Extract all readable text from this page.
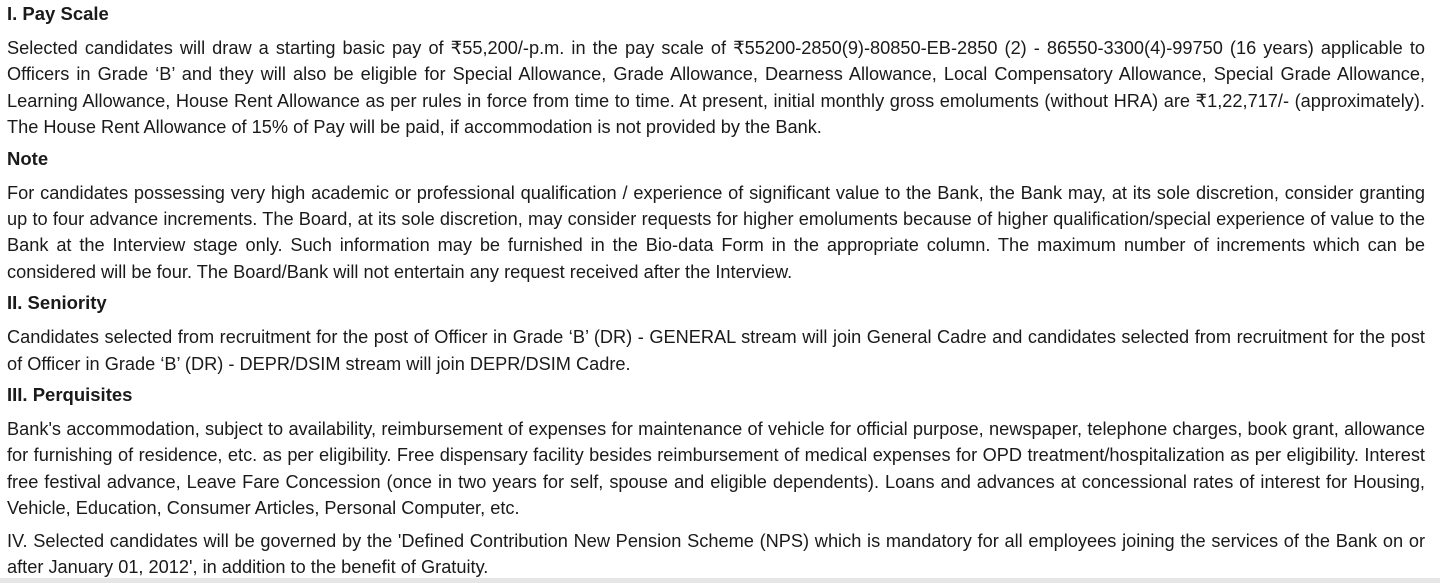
I. Pay Scale

Selected candidates will draw a starting basic pay of ₹55,200/-p.m. in the pay scale of ₹55200-2850(9)-80850-EB-2850 (2) - 86550-3300(4)-99750 (16 years) applicable to Officers in Grade ‘B’ and they will also be eligible for Special Allowance, Grade Allowance, Dearness Allowance, Local Compensatory Allowance, Special Grade Allowance, Learning Allowance, House Rent Allowance as per rules in force from time to time. At present, initial monthly gross emoluments (without HRA) are ₹1,22,717/- (approximately). The House Rent Allowance of 15% of Pay will be paid, if accommodation is not provided by the Bank.

Note

For candidates possessing very high academic or professional qualification / experience of significant value to the Bank, the Bank may, at its sole discretion, consider granting up to four advance increments. The Board, at its sole discretion, may consider requests for higher emoluments because of higher qualification/special experience of value to the Bank at the Interview stage only. Such information may be furnished in the Bio-data Form in the appropriate column. The maximum number of increments which can be considered will be four. The Board/Bank will not entertain any request received after the Interview.

II. Seniority

Candidates selected from recruitment for the post of Officer in Grade ‘B’ (DR) - GENERAL stream will join General Cadre and candidates selected from recruitment for the post of Officer in Grade ‘B’ (DR) - DEPR/DSIM stream will join DEPR/DSIM Cadre.

III. Perquisites

Bank's accommodation, subject to availability, reimbursement of expenses for maintenance of vehicle for official purpose, newspaper, telephone charges, book grant, allowance for furnishing of residence, etc. as per eligibility. Free dispensary facility besides reimbursement of medical expenses for OPD treatment/hospitalization as per eligibility. Interest free festival advance, Leave Fare Concession (once in two years for self, spouse and eligible dependents). Loans and advances at concessional rates of interest for Housing, Vehicle, Education, Consumer Articles, Personal Computer, etc.

IV. Selected candidates will be governed by the 'Defined Contribution New Pension Scheme (NPS) which is mandatory for all employees joining the services of the Bank on or after January 01, 2012', in addition to the benefit of Gratuity.
